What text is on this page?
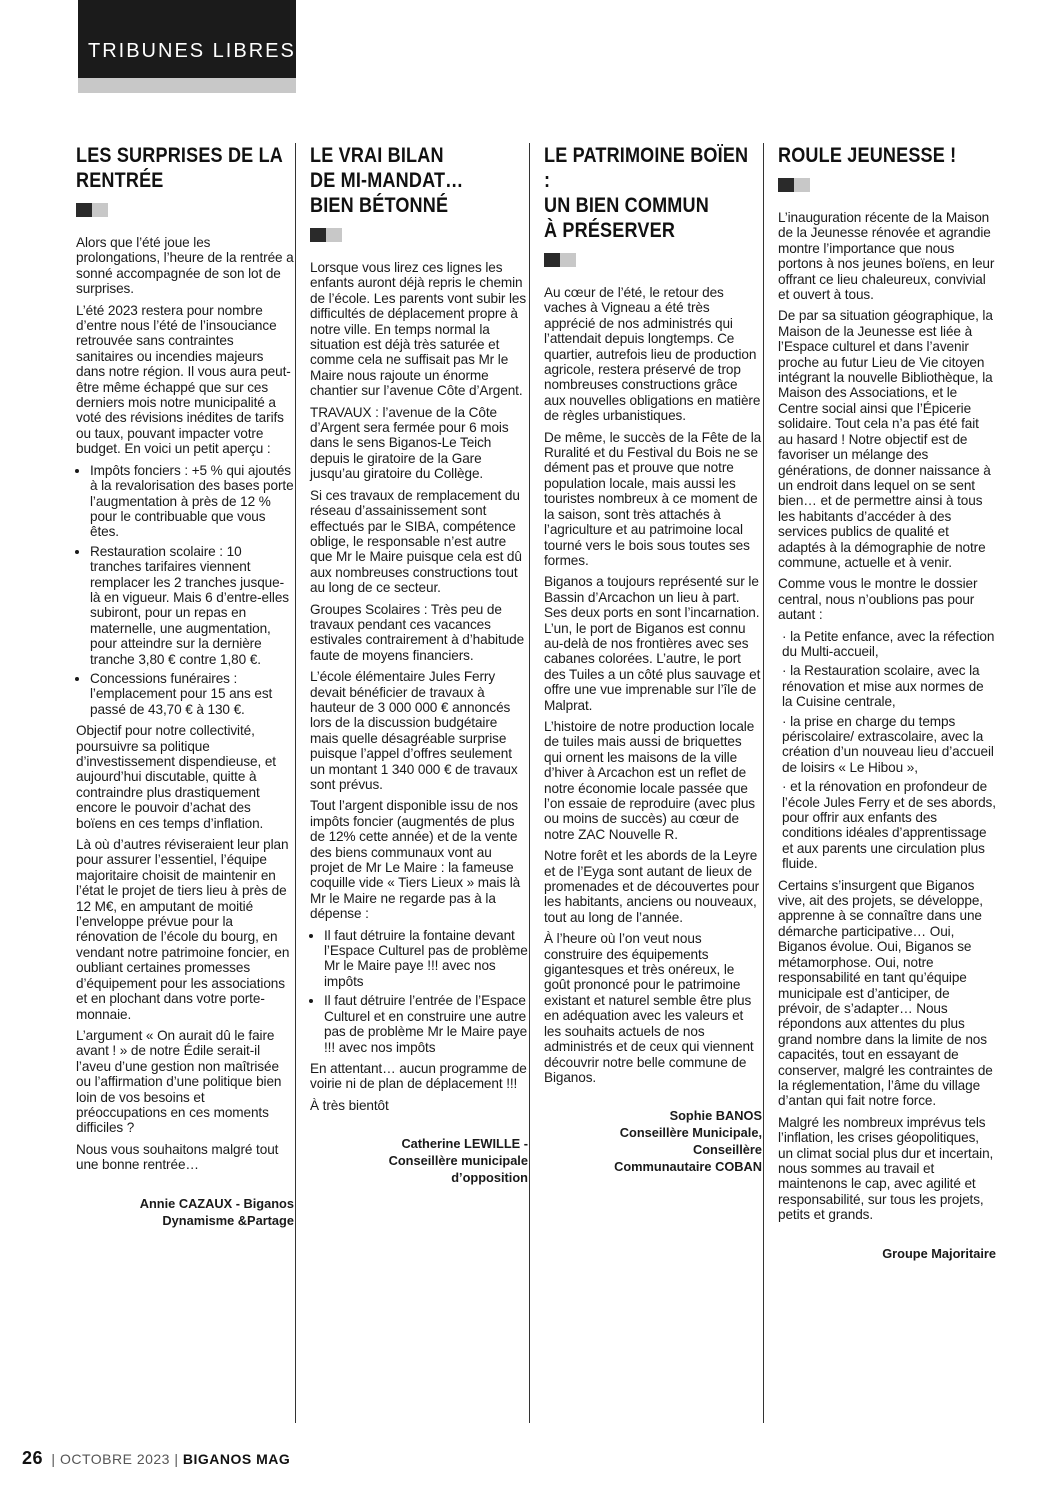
TRIBUNES LIBRES
LES SURPRISES DE LA
RENTRÉE

Alors que l’été joue les prolongations, l’heure de la rentrée a sonné accompagnée de son lot de surprises.

L’été 2023 restera pour nombre d’entre nous l’été de l’insouciance retrouvée sans contraintes sanitaires ou incendies majeurs dans notre région. Il vous aura peut-être même échappé que sur ces derniers mois notre municipalité a voté des révisions inédites de tarifs ou taux, pouvant impacter votre budget. En voici un petit aperçu :

• Impôts fonciers : +5 % qui ajoutés à la revalorisation des bases porte l’augmentation à près de 12 % pour le contribuable que vous êtes.
• Restauration scolaire : 10 tranches tarifaires viennent remplacer les 2 tranches jusque-là en vigueur. Mais 6 d’entre-elles subiront, pour un repas en maternelle, une augmentation, pour atteindre sur la dernière tranche 3,80 € contre 1,80 €.
• Concessions funéraires : l’emplacement pour 15 ans est passé de 43,70 € à 130 €.

Objectif pour notre collectivité, poursuivre sa politique d’investissement dispendieuse, et aujourd’hui discutable, quitte à contraindre plus drastiquement encore le pouvoir d’achat des boïens en ces temps d’inflation.

Là où d’autres réviseraient leur plan pour assurer l’essentiel, l’équipe majoritaire choisit de maintenir en l’état le projet de tiers lieu à près de 12 M€, en amputant de moitié l’enveloppe prévue pour la rénovation de l’école du bourg, en vendant notre patrimoine foncier, en oubliant certaines promesses d’équipement pour les associations et en plochant dans votre porte-monnaie.

L’argument « On aurait dû le faire avant ! » de notre Édile serait-il l’aveu d’une gestion non maîtrisée ou l’affirmation d’une politique bien loin de vos besoins et préoccupations en ces moments difficiles ?

Nous vous souhaitons malgré tout une bonne rentrée…

Annie CAZAUX - Biganos
Dynamisme &Partage
LE VRAI BILAN
DE MI-MANDAT…
BIEN BÉTONNÉ

Lorsque vous lirez ces lignes les enfants auront déjà repris le chemin de l’école. Les parents vont subir les difficultés de déplacement propre à notre ville. En temps normal la situation est déjà très saturée et comme cela ne suffisait pas Mr le Maire nous rajoute un énorme chantier sur l’avenue Côte d’Argent.

TRAVAUX : l’avenue de la Côte d’Argent sera fermée pour 6 mois dans le sens Biganos-Le Teich depuis le giratoire de la Gare jusqu’au giratoire du Collège.

Si ces travaux de remplacement du réseau d’assainissement sont effectués par le SIBA, compétence oblige, le responsable n’est autre que Mr le Maire puisque cela est dû aux nombreuses constructions tout au long de ce secteur.

Groupes Scolaires : Très peu de travaux pendant ces vacances estivales contrairement à d’habitude faute de moyens financiers.

L’école élémentaire Jules Ferry devait bénéficier de travaux à hauteur de 3 000 000 € annoncés lors de la discussion budgétaire mais quelle désagréable surprise puisque l’appel d’offres seulement un montant 1 340 000 € de travaux sont prévus.

Tout l’argent disponible issu de nos impôts foncier (augmentés de plus de 12% cette année) et de la vente des biens communaux vont au projet de Mr Le Maire : la fameuse coquille vide « Tiers Lieux » mais là Mr le Maire ne regarde pas à la dépense :

• Il faut détruire la fontaine devant l’Espace Culturel pas de problème Mr le Maire paye !!! avec nos impôts
• Il faut détruire l’entrée de l’Espace Culturel et en construire une autre pas de problème Mr le Maire paye !!! avec nos impôts

En attentant… aucun programme de voirie ni de plan de déplacement !!!

À très bientôt

Catherine LEWILLE -
Conseillère municipale
d’opposition
LE PATRIMOINE BOÏEN :
UN BIEN COMMUN
À PRÉSERVER

Au cœur de l’été, le retour des vaches à Vigneau a été très apprécié de nos administrés qui l’attendait depuis longtemps. Ce quartier, autrefois lieu de production agricole, restera préservé de trop nombreuses constructions grâce aux nouvelles obligations en matière de règles urbanistiques.

De même, le succès de la Fête de la Ruralité et du Festival du Bois ne se dément pas et prouve que notre population locale, mais aussi les touristes nombreux à ce moment de la saison, sont très attachés à l’agriculture et au patrimoine local tourné vers le bois sous toutes ses formes.

Biganos a toujours représenté sur le Bassin d’Arcachon un lieu à part. Ses deux ports en sont l’incarnation. L’un, le port de Biganos est connu au-delà de nos frontières avec ses cabanes colorées. L’autre, le port des Tuiles a un côté plus sauvage et offre une vue imprenable sur l’île de Malprat.

L’histoire de notre production locale de tuiles mais aussi de briquettes qui ornent les maisons de la ville d’hiver à Arcachon est un reflet de notre économie locale passée que l’on essaie de reproduire (avec plus ou moins de succès) au cœur de notre ZAC Nouvelle R.

Notre forêt et les abords de la Leyre et de l’Eyga sont autant de lieux de promenades et de découvertes pour les habitants, anciens ou nouveaux, tout au long de l’année.

À l’heure où l’on veut nous construire des équipements gigantesques et très onéreux, le goût prononcé pour le patrimoine existant et naturel semble être plus en adéquation avec les valeurs et les souhaits actuels de nos administrés et de ceux qui viennent découvrir notre belle commune de Biganos.

Sophie BANOS
Conseillère Municipale,
Conseillère
Communautaire COBAN
ROULE JEUNESSE !

L’inauguration récente de la Maison de la Jeunesse rénovée et agrandie montre l’importance que nous portons à nos jeunes boïens, en leur offrant ce lieu chaleureux, convivial et ouvert à tous.

De par sa situation géographique, la Maison de la Jeunesse est liée à l’Espace culturel et dans l’avenir proche au futur Lieu de Vie citoyen intégrant la nouvelle Bibliothèque, la Maison des Associations, et le Centre social ainsi que l’Épicerie solidaire. Tout cela n’a pas été fait au hasard ! Notre objectif est de favoriser un mélange des générations, de donner naissance à un endroit dans lequel on se sent bien… et de permettre ainsi à tous les habitants d’accéder à des services publics de qualité et adaptés à la démographie de notre commune, actuelle et à venir.

Comme vous le montre le dossier central, nous n’oublions pas pour autant :

· la Petite enfance, avec la réfection du Multi-accueil,
· la Restauration scolaire, avec la rénovation et mise aux normes de la Cuisine centrale,
· la prise en charge du temps périscolaire/ extrascolaire, avec la création d’un nouveau lieu d’accueil de loisirs « Le Hibou »,
· et la rénovation en profondeur de l’école Jules Ferry et de ses abords, pour offrir aux enfants des conditions idéales d’apprentissage et aux parents une circulation plus fluide.

Certains s’insurgent que Biganos vive, ait des projets, se développe, apprenne à se connaître dans une démarche participative… Oui, Biganos évolue. Oui, Biganos se métamorphose. Oui, notre responsabilité en tant qu’équipe municipale est d’anticiper, de prévoir, de s’adapter… Nous répondons aux attentes du plus grand nombre dans la limite de nos capacités, tout en essayant de conserver, malgré les contraintes de la réglementation, l’âme du village d’antan qui fait notre force.

Malgré les nombreux imprévus tels l’inflation, les crises géopolitiques, un climat social plus dur et incertain, nous sommes au travail et maintenons le cap, avec agilité et responsabilité, sur tous les projets, petits et grands.

Groupe Majoritaire
26 | OCTOBRE 2023 | BIGANOS MAG
